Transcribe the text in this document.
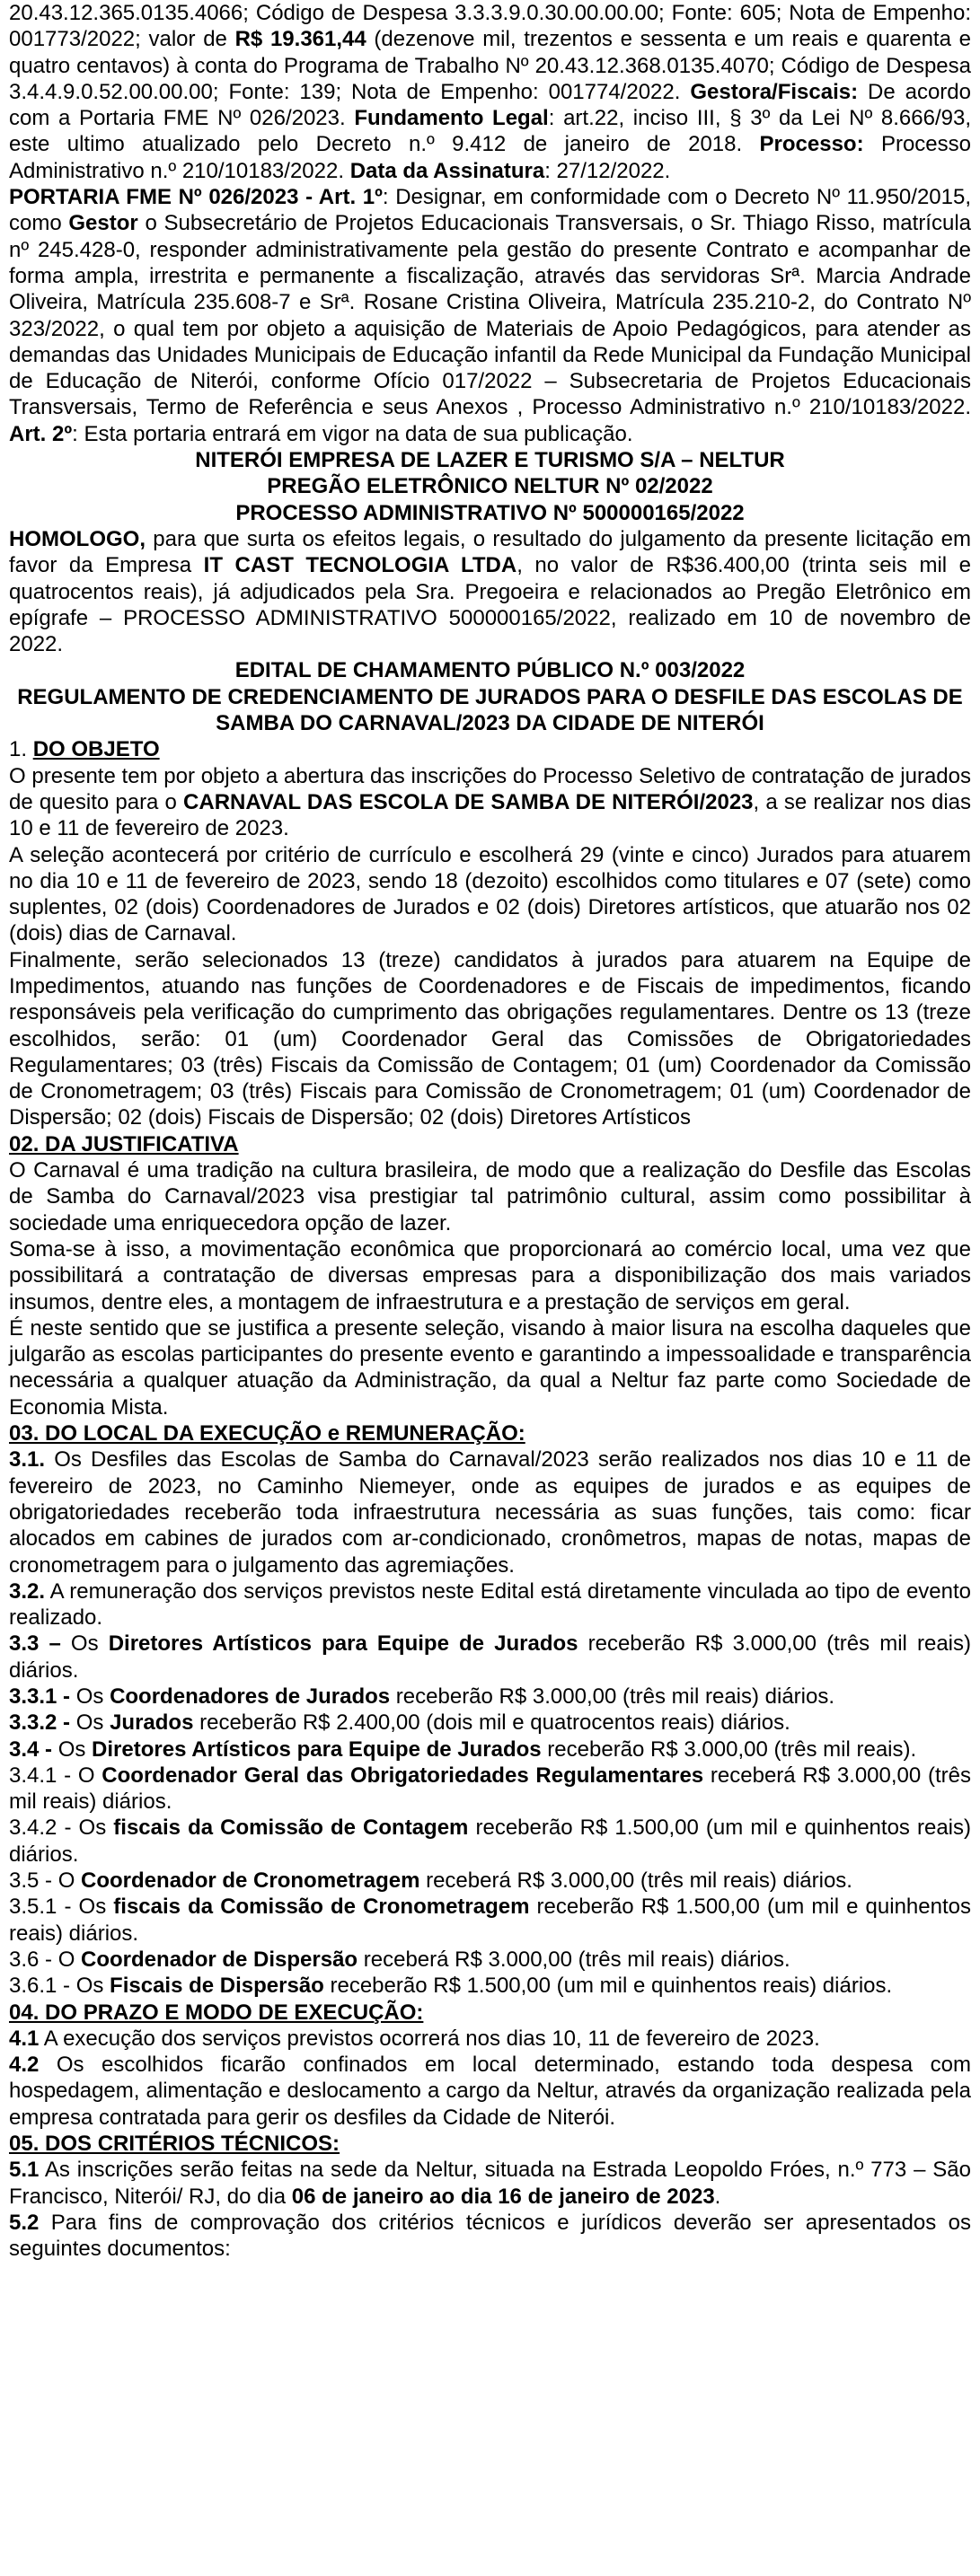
20.43.12.365.0135.4066; Código de Despesa 3.3.3.9.0.30.00.00.00; Fonte: 605; Nota de Empenho: 001773/2022; valor de R$ 19.361,44 (dezenove mil, trezentos e sessenta e um reais e quarenta e quatro centavos) à conta do Programa de Trabalho Nº 20.43.12.368.0135.4070; Código de Despesa 3.4.4.9.0.52.00.00.00; Fonte: 139; Nota de Empenho: 001774/2022. Gestora/Fiscais: De acordo com a Portaria FME Nº 026/2023. Fundamento Legal: art.22, inciso III, § 3º da Lei Nº 8.666/93, este ultimo atualizado pelo Decreto n.º 9.412 de janeiro de 2018. Processo: Processo Administrativo n.º 210/10183/2022. Data da Assinatura: 27/12/2022.
PORTARIA FME Nº 026/2023 - Art. 1º: Designar, em conformidade com o Decreto Nº 11.950/2015, como Gestor o Subsecretário de Projetos Educacionais Transversais, o Sr. Thiago Risso, matrícula nº 245.428-0, responder administrativamente pela gestão do presente Contrato e acompanhar de forma ampla, irrestrita e permanente a fiscalização, através das servidoras Srª. Marcia Andrade Oliveira, Matrícula 235.608-7 e Srª. Rosane Cristina Oliveira, Matrícula 235.210-2, do Contrato Nº 323/2022, o qual tem por objeto a aquisição de Materiais de Apoio Pedagógicos, para atender as demandas das Unidades Municipais de Educação infantil da Rede Municipal da Fundação Municipal de Educação de Niterói, conforme Ofício 017/2022 – Subsecretaria de Projetos Educacionais Transversais, Termo de Referência e seus Anexos , Processo Administrativo n.º 210/10183/2022. Art. 2º: Esta portaria entrará em vigor na data de sua publicação.
NITERÓI EMPRESA DE LAZER E TURISMO S/A – NELTUR
PREGÃO ELETRÔNICO NELTUR Nº 02/2022
PROCESSO ADMINISTRATIVO Nº 500000165/2022
HOMOLOGO, para que surta os efeitos legais, o resultado do julgamento da presente licitação em favor da Empresa IT CAST TECNOLOGIA LTDA, no valor de R$36.400,00 (trinta seis mil e quatrocentos reais), já adjudicados pela Sra. Pregoeira e relacionados ao Pregão Eletrônico em epígrafe – PROCESSO ADMINISTRATIVO 500000165/2022, realizado em 10 de novembro de 2022.
EDITAL DE CHAMAMENTO PÚBLICO N.º 003/2022
REGULAMENTO DE CREDENCIAMENTO DE JURADOS PARA O DESFILE DAS ESCOLAS DE SAMBA DO CARNAVAL/2023 DA CIDADE DE NITERÓI
1. DO OBJETO
O presente tem por objeto a abertura das inscrições do Processo Seletivo de contratação de jurados de quesito para o CARNAVAL DAS ESCOLA DE SAMBA DE NITERÓI/2023, a se realizar nos dias 10 e 11 de fevereiro de 2023.
A seleção acontecerá por critério de currículo e escolherá 29 (vinte e cinco) Jurados para atuarem no dia 10 e 11 de fevereiro de 2023, sendo 18 (dezoito) escolhidos como titulares e 07 (sete) como suplentes, 02 (dois) Coordenadores de Jurados e 02 (dois) Diretores artísticos, que atuarão nos 02 (dois) dias de Carnaval.
Finalmente, serão selecionados 13 (treze) candidatos à jurados para atuarem na Equipe de Impedimentos, atuando nas funções de Coordenadores e de Fiscais de impedimentos, ficando responsáveis pela verificação do cumprimento das obrigações regulamentares. Dentre os 13 (treze escolhidos, serão: 01 (um) Coordenador Geral das Comissões de Obrigatoriedades Regulamentares; 03 (três) Fiscais da Comissão de Contagem; 01 (um) Coordenador da Comissão de Cronometragem; 03 (três) Fiscais para Comissão de Cronometragem; 01 (um) Coordenador de Dispersão; 02 (dois) Fiscais de Dispersão; 02 (dois) Diretores Artísticos
02. DA JUSTIFICATIVA
O Carnaval é uma tradição na cultura brasileira, de modo que a realização do Desfile das Escolas de Samba do Carnaval/2023 visa prestigiar tal patrimônio cultural, assim como possibilitar à sociedade uma enriquecedora opção de lazer.
Soma-se à isso, a movimentação econômica que proporcionará ao comércio local, uma vez que possibilitará a contratação de diversas empresas para a disponibilização dos mais variados insumos, dentre eles, a montagem de infraestrutura e a prestação de serviços em geral.
É neste sentido que se justifica a presente seleção, visando à maior lisura na escolha daqueles que julgarão as escolas participantes do presente evento e garantindo a impessoalidade e transparência necessária a qualquer atuação da Administração, da qual a Neltur faz parte como Sociedade de Economia Mista.
03. DO LOCAL DA EXECUÇÃO e REMUNERAÇÃO:
3.1. Os Desfiles das Escolas de Samba do Carnaval/2023 serão realizados nos dias 10 e 11 de fevereiro de 2023, no Caminho Niemeyer, onde as equipes de jurados e as equipes de obrigatoriedades receberão toda infraestrutura necessária as suas funções, tais como: ficar alocados em cabines de jurados com ar-condicionado, cronômetros, mapas de notas, mapas de cronometragem para o julgamento das agremiações.
3.2. A remuneração dos serviços previstos neste Edital está diretamente vinculada ao tipo de evento realizado.
3.3 – Os Diretores Artísticos para Equipe de Jurados receberão R$ 3.000,00 (três mil reais) diários.
3.3.1 - Os Coordenadores de Jurados receberão R$ 3.000,00 (três mil reais) diários.
3.3.2 - Os Jurados receberão R$ 2.400,00 (dois mil e quatrocentos reais) diários.
3.4 - Os Diretores Artísticos para Equipe de Jurados receberão R$ 3.000,00 (três mil reais).
3.4.1 - O Coordenador Geral das Obrigatoriedades Regulamentares receberá R$ 3.000,00 (três mil reais) diários.
3.4.2 - Os fiscais da Comissão de Contagem receberão R$ 1.500,00 (um mil e quinhentos reais) diários.
3.5 - O Coordenador de Cronometragem receberá R$ 3.000,00 (três mil reais) diários.
3.5.1 - Os fiscais da Comissão de Cronometragem receberão R$ 1.500,00 (um mil e quinhentos reais) diários.
3.6 - O Coordenador de Dispersão receberá R$ 3.000,00 (três mil reais) diários.
3.6.1 - Os Fiscais de Dispersão receberão R$ 1.500,00 (um mil e quinhentos reais) diários.
04. DO PRAZO E MODO DE EXECUÇÃO:
4.1 A execução dos serviços previstos ocorrerá nos dias 10, 11 de fevereiro de 2023.
4.2 Os escolhidos ficarão confinados em local determinado, estando toda despesa com hospedagem, alimentação e deslocamento a cargo da Neltur, através da organização realizada pela empresa contratada para gerir os desfiles da Cidade de Niterói.
05. DOS CRITÉRIOS TÉCNICOS:
5.1 As inscrições serão feitas na sede da Neltur, situada na Estrada Leopoldo Fróes, n.º 773 – São Francisco, Niterói/ RJ, do dia 06 de janeiro ao dia 16 de janeiro de 2023.
5.2 Para fins de comprovação dos critérios técnicos e jurídicos deverão ser apresentados os seguintes documentos:
